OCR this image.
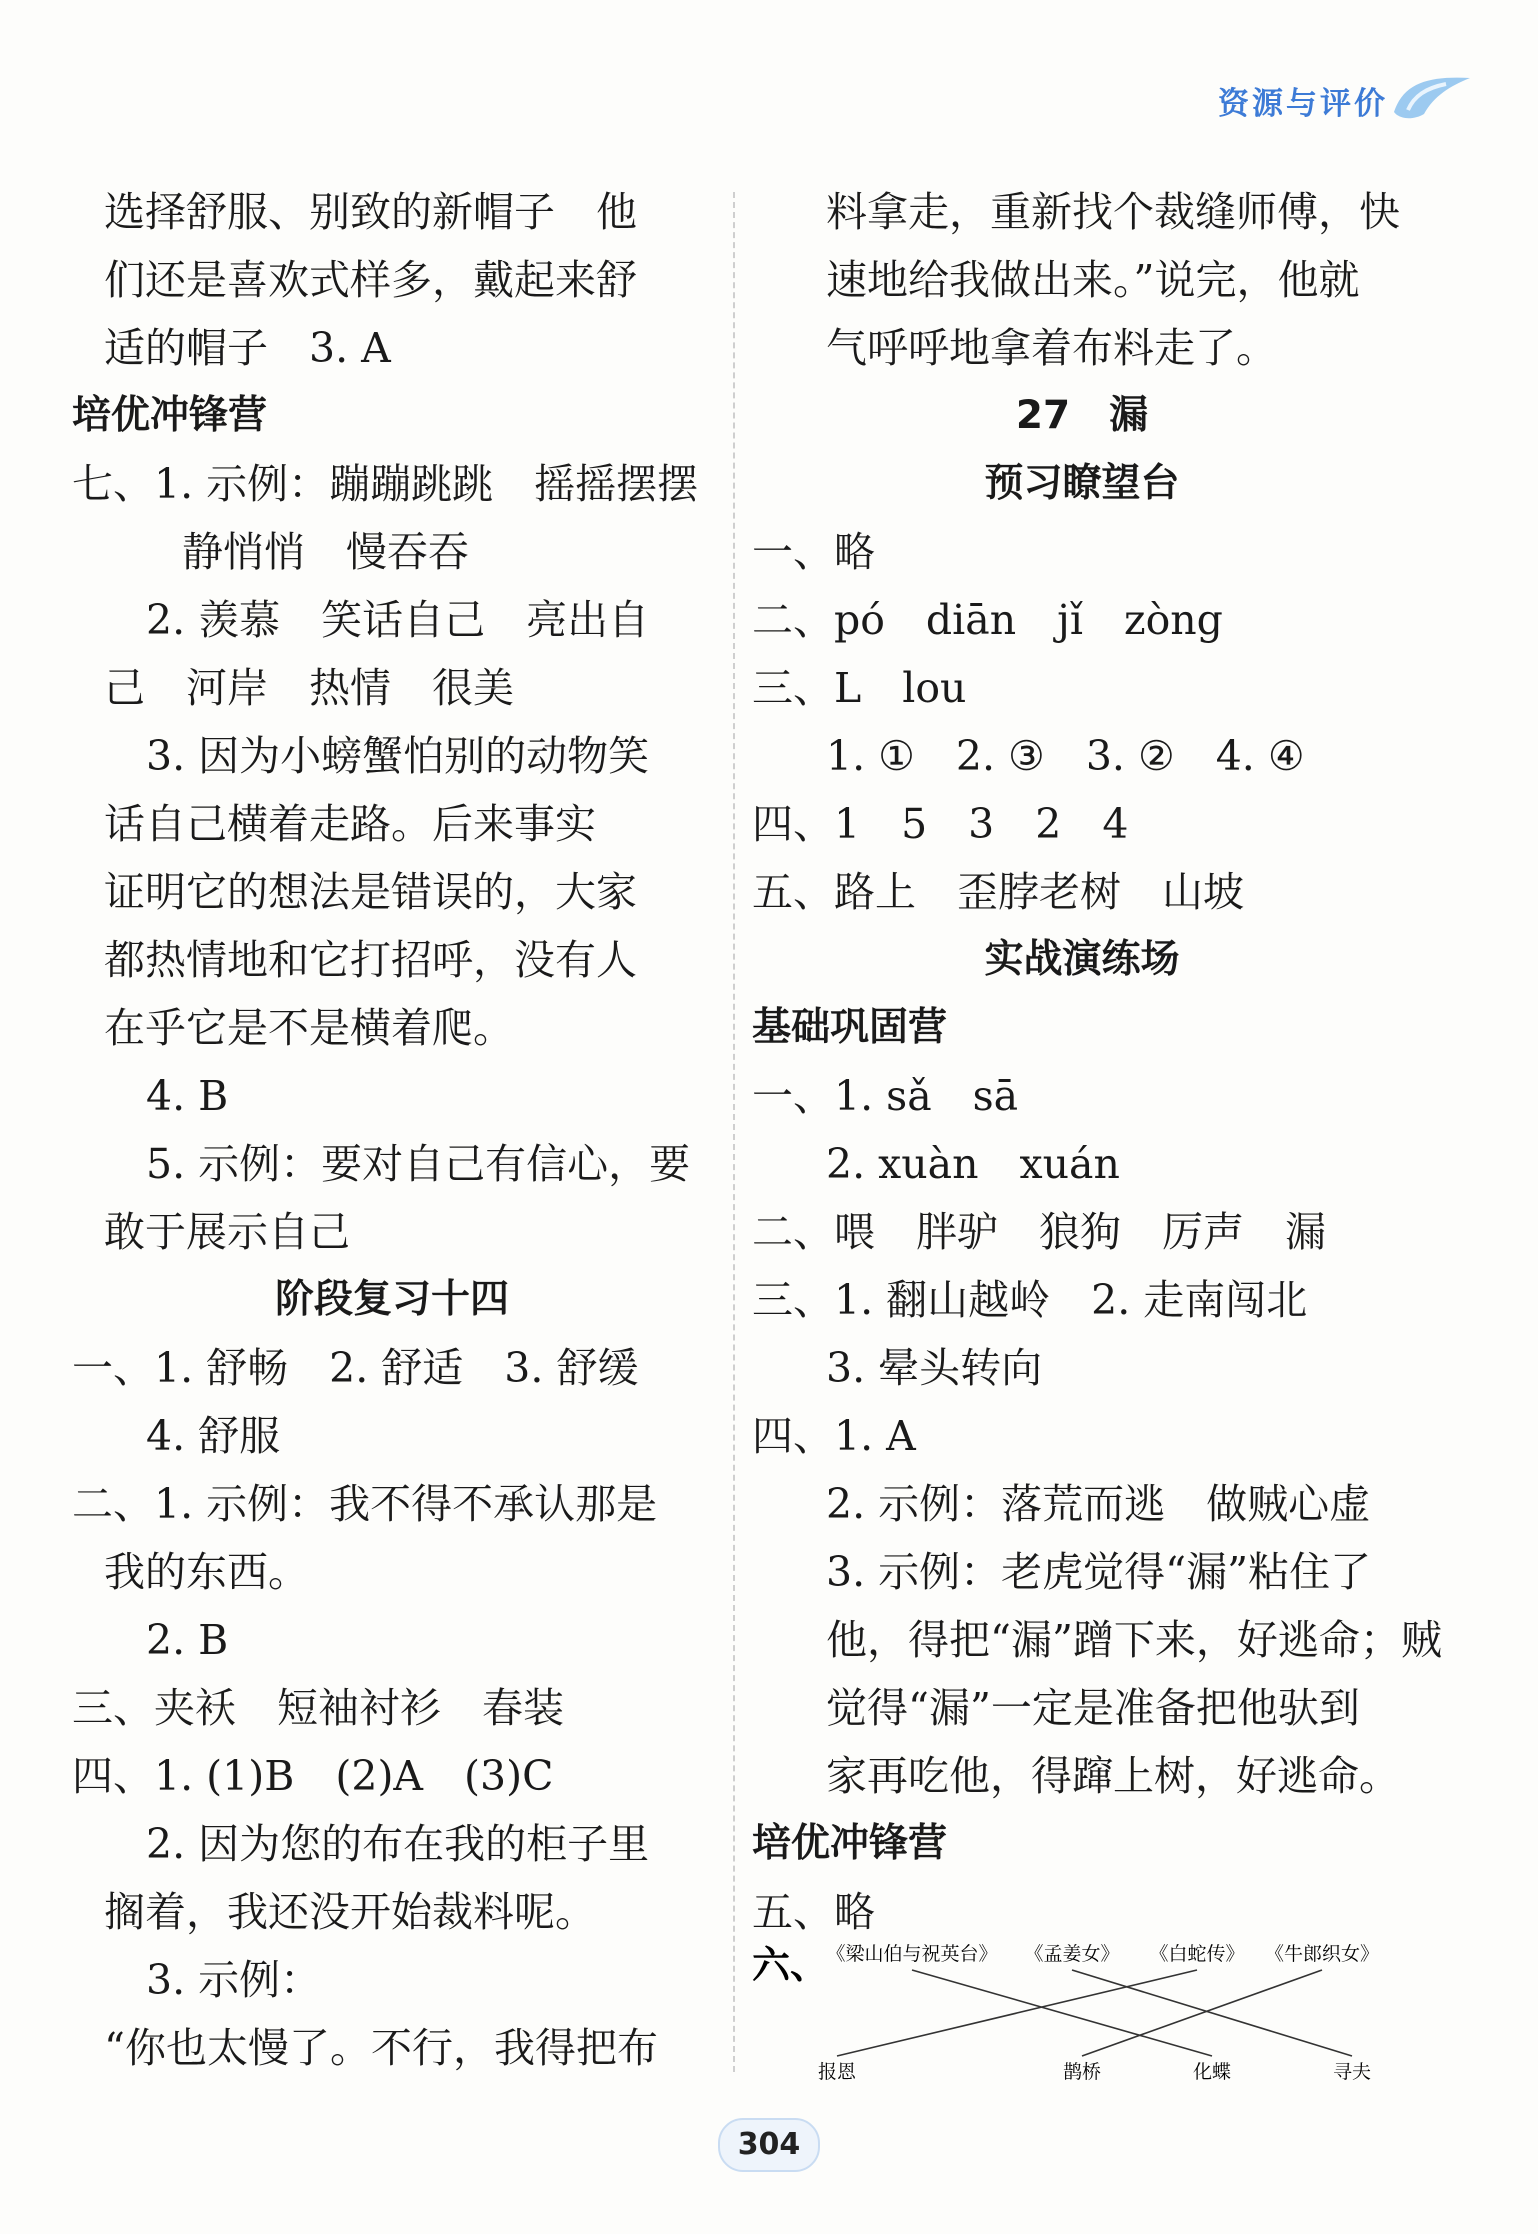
资源与评价
选择舒服、别致的新帽子　他
们还是喜欢式样多，戴起来舒
适的帽子　3. A
培优冲锋营
七、1. 示例：蹦蹦跳跳　摇摇摆摆
静悄悄　慢吞吞
2. 羡慕　笑话自己　亮出自
己　河岸　热情　很美
3. 因为小螃蟹怕别的动物笑
话自己横着走路。后来事实
证明它的想法是错误的，大家
都热情地和它打招呼，没有人
在乎它是不是横着爬。
4. B
5. 示例：要对自己有信心，要
敢于展示自己
阶段复习十四
一、1. 舒畅　2. 舒适　3. 舒缓
4. 舒服
二、1. 示例：我不得不承认那是
我的东西。
2. B
三、夹袄　短袖衬衫　春装
四、1. (1)B　(2)A　(3)C
2. 因为您的布在我的柜子里
搁着，我还没开始裁料呢。
3. 示例：
“你也太慢了。不行，我得把布
料拿走，重新找个裁缝师傅，快
速地给我做出来。”说完，他就
气呼呼地拿着布料走了。
27　漏
预习瞭望台
一、略
二、pó　diān　jǐ　zòng
三、L　lou
1. ①　2. ③　3. ②　4. ④
四、1　5　3　2　4
五、路上　歪脖老树　山坡
实战演练场
基础巩固营
一、1. sǎ　sā
2. xuàn　xuán
二、喂　胖驴　狼狗　厉声　漏
三、1. 翻山越岭　2. 走南闯北
3. 晕头转向
四、1. A
2. 示例：落荒而逃　做贼心虚
3. 示例：老虎觉得“漏”粘住了
他，得把“漏”蹭下来，好逃命；贼
觉得“漏”一定是准备把他驮到
家再吃他，得蹿上树，好逃命。
培优冲锋营
五、略
六、
《梁山伯与祝英台》 《孟姜女》 《白蛇传》 《牛郎织女》
报恩	鹊桥	化蝶	寻夫
304
